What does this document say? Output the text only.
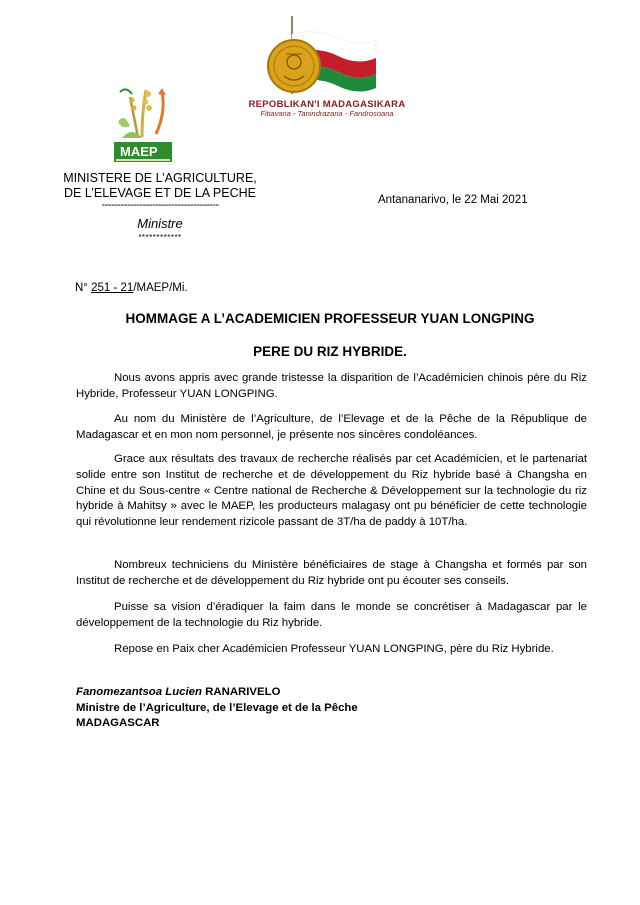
MAEP
REPOBLIKAN'I MADAGASIKARA
Fitiavana - Tanindrazana - Fandrosoana
MINISTERE DE L’AGRICULTURE,
DE L’ELEVAGE ET DE LA PECHE
-------------------------------------
Ministre
************
Antananarivo, le 22 Mai 2021
N° 251 - 21/MAEP/Mi.
HOMMAGE A L’ACADEMICIEN PROFESSEUR YUAN LONGPING
PERE DU RIZ HYBRIDE.
Nous avons appris avec grande tristesse la disparition de l’Académicien chinois père du Riz Hybride, Professeur YUAN LONGPING.
Au nom du Ministère de l’Agriculture, de l’Elevage et de la Pêche de la République de Madagascar et en mon nom personnel, je présente nos sincères condoléances.
Grace aux résultats des travaux de recherche réalisés par cet Académicien, et le partenariat solide entre son Institut de recherche et de développement du Riz hybride basé à Changsha en Chine et du Sous-centre « Centre national de Recherche & Développement sur la technologie du riz hybride à Mahitsy » avec le MAEP, les producteurs malagasy ont pu bénéficier de cette technologie qui révolutionne leur rendement rizicole passant de 3T/ha de paddy à 10T/ha.
Nombreux techniciens du Ministère bénéficiaires de stage à Changsha et formés par son Institut de recherche et de développement du Riz hybride ont pu écouter ses conseils.
Puisse sa vision d’éradiquer la faim dans le monde se concrétiser à Madagascar par le développement de la technologie du Riz hybride.
Repose en Paix cher Académicien Professeur YUAN LONGPING, père du Riz Hybride.
Fanomezantsoa Lucien RANARIVELO
Ministre de l’Agriculture, de l’Elevage et de la Pêche
MADAGASCAR
